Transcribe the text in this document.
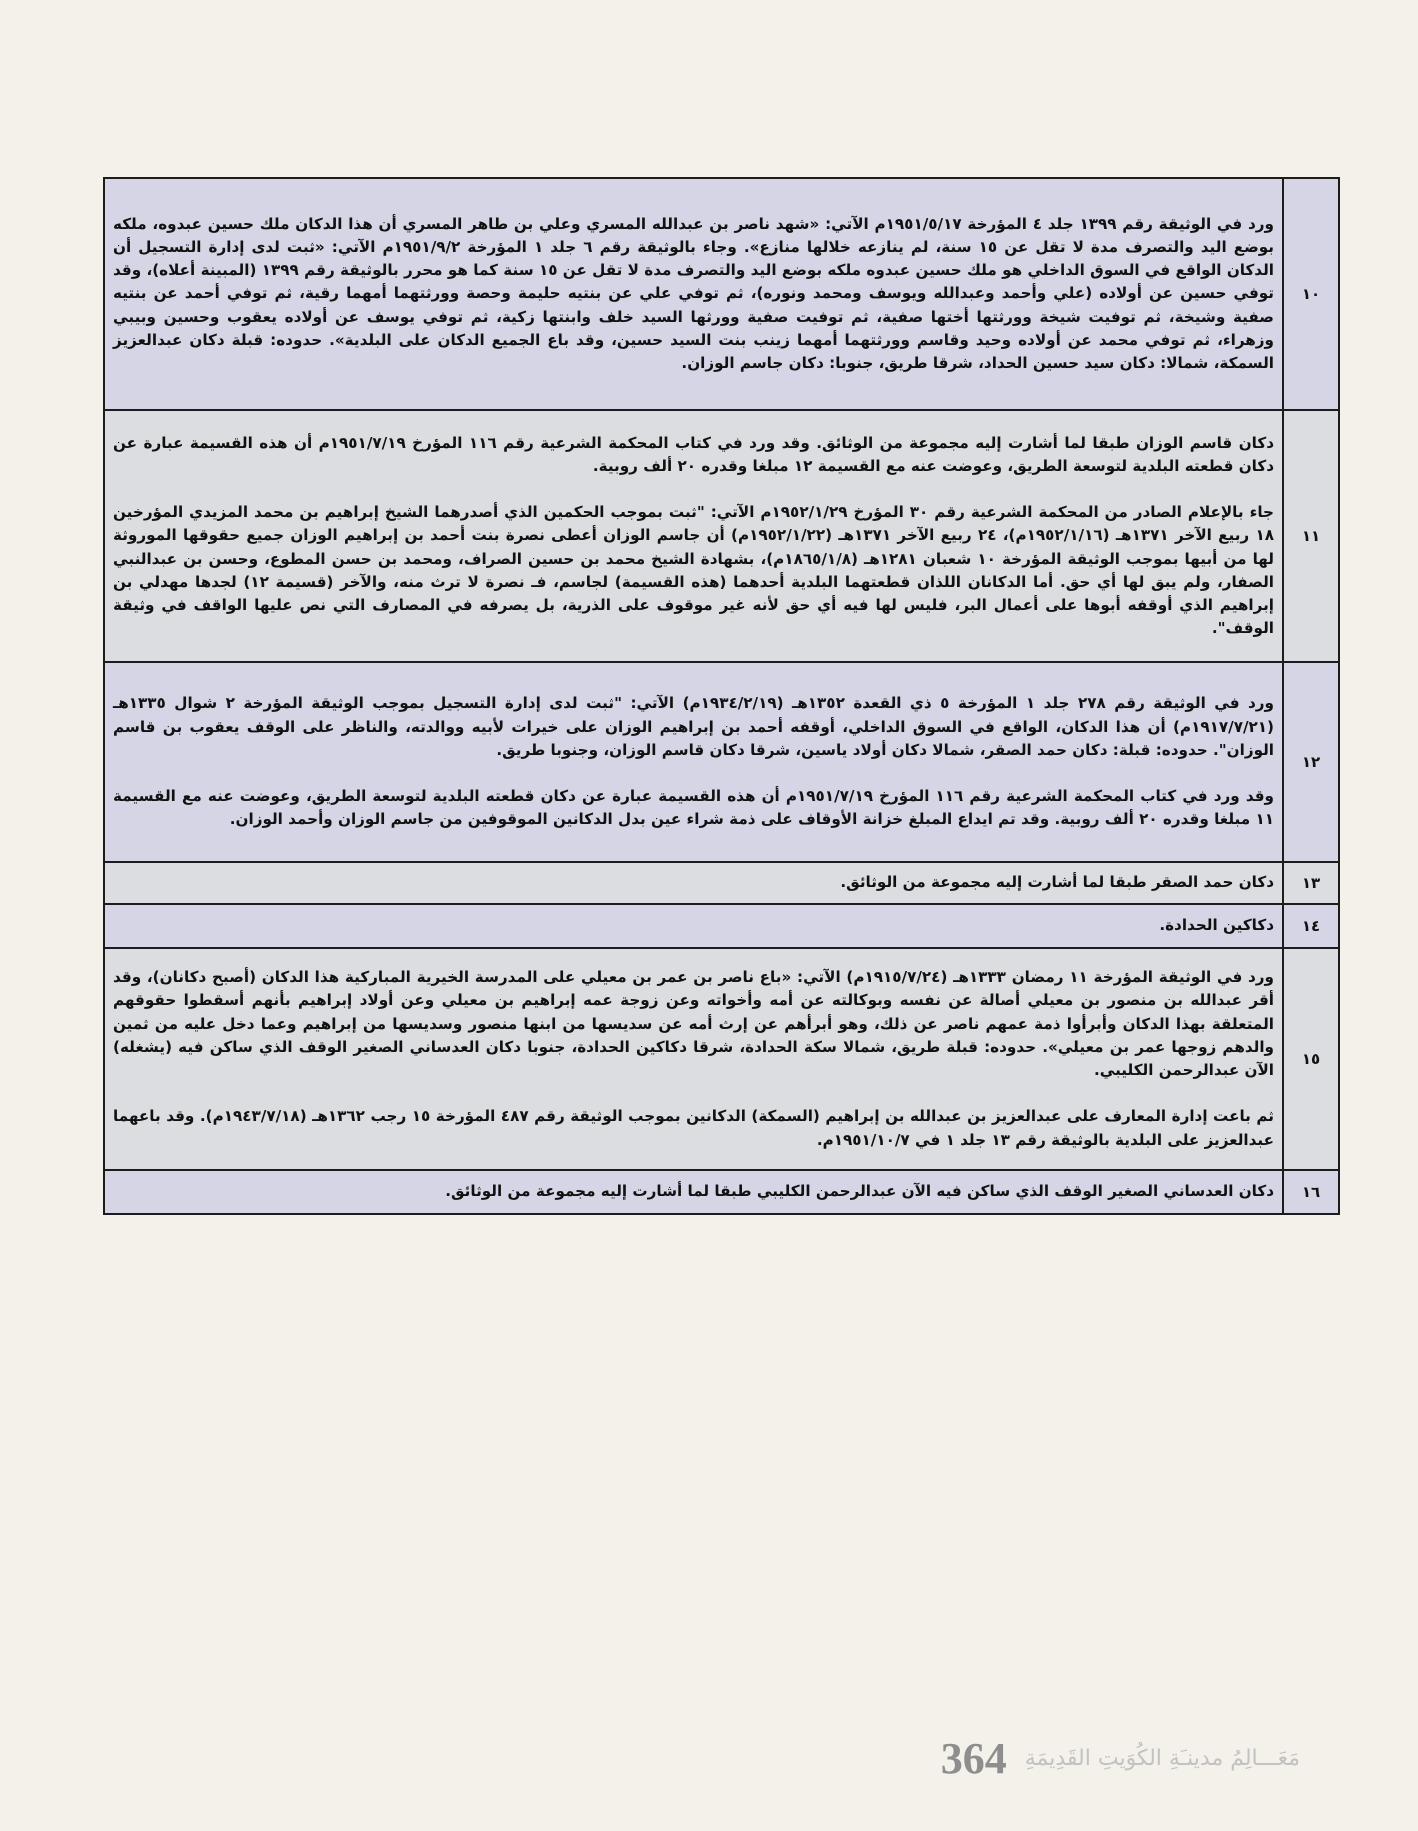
١٠	ورد في الوثيقة رقم ١٣٩٩ جلد ٤ المؤرخة ١٩٥١/٥/١٧م الآتي: «شهد ناصر بن عبدالله المسري وعلي بن طاهر المسري أن هذا الدكان ملك حسين عبدوه، ملكه بوضع اليد والتصرف مدة لا تقل عن ١٥ سنة، لم ينازعه خلالها منازع». وجاء بالوثيقة رقم ٦ جلد ١ المؤرخة ١٩٥١/٩/٢م الآتي: «ثبت لدى إدارة التسجيل أن الدكان الواقع في السوق الداخلي هو ملك حسين عبدوه ملكه بوضع اليد والتصرف مدة لا تقل عن ١٥ سنة كما هو محرر بالوثيقة رقم ١٣٩٩ (المبينة أعلاه)، وقد توفي حسين عن أولاده (علي وأحمد وعبدالله ويوسف ومحمد ونوره)، ثم توفي علي عن بنتيه حليمة وحصة وورثتهما أمهما رقية، ثم توفي أحمد عن بنتيه صفية وشيخة، ثم توفيت شيخة وورثتها أختها صفية، ثم توفيت صفية وورثها السيد خلف وابنتها زكية، ثم توفي يوسف عن أولاده يعقوب وحسين وبيبي وزهراء، ثم توفي محمد عن أولاده وحيد وقاسم وورثتهما أمهما زينب بنت السيد حسين، وقد باع الجميع الدكان على البلدية». حدوده: قبلة دكان عبدالعزيز السمكة، شمالا: دكان سيد حسين الحداد، شرقا طريق، جنوبا: دكان جاسم الوزان.

١١	دكان قاسم الوزان طبقا لما أشارت إليه مجموعة من الوثائق. وقد ورد في كتاب المحكمة الشرعية رقم ١١٦ المؤرخ ١٩٥١/٧/١٩م أن هذه القسيمة عبارة عن دكان قطعته البلدية لتوسعة الطريق، وعوضت عنه مع القسيمة ١٢ مبلغا وقدره ٢٠ ألف روبية.

جاء بالإعلام الصادر من المحكمة الشرعية رقم ٣٠ المؤرخ ١٩٥٢/١/٢٩م الآتي: "ثبت بموجب الحكمين الذي أصدرهما الشيخ إبراهيم بن محمد المزيدي المؤرخين ١٨ ربيع الآخر ١٣٧١هـ (١٩٥٢/١/١٦م)، ٢٤ ربيع الآخر ١٣٧١هـ (١٩٥٢/١/٢٢م) أن جاسم الوزان أعطى نصرة بنت أحمد بن إبراهيم الوزان جميع حقوقها الموروثة لها من أبيها بموجب الوثيقة المؤرخة ١٠ شعبان ١٢٨١هـ (١٨٦٥/١/٨م)، بشهادة الشيخ محمد بن حسين الصراف، ومحمد بن حسن المطوع، وحسن بن عبدالنبي الصفار، ولم يبق لها أي حق. أما الدكانان اللذان قطعتهما البلدية أحدهما (هذه القسيمة) لجاسم، فـ نصرة لا ترث منه، والآخر (قسيمة ١٢) لجدها مهدلي بن إبراهيم الذي أوقفه أبوها على أعمال البر، فليس لها فيه أي حق لأنه غير موقوف على الذرية، بل يصرفه في المصارف التي نص عليها الواقف في وثيقة الوقف".

١٢	ورد في الوثيقة رقم ٢٧٨ جلد ١ المؤرخة ٥ ذي القعدة ١٣٥٢هـ (١٩٣٤/٢/١٩م) الآتي: "ثبت لدى إدارة التسجيل بموجب الوثيقة المؤرخة ٢ شوال ١٣٣٥هـ (١٩١٧/٧/٢١م) أن هذا الدكان، الواقع في السوق الداخلي، أوقفه أحمد بن إبراهيم الوزان على خيرات لأبيه ووالدته، والناظر على الوقف يعقوب بن قاسم الوزان". حدوده: قبلة: دكان حمد الصقر، شمالا دكان أولاد ياسين، شرقا دكان قاسم الوزان، وجنوبا طريق.

وقد ورد في كتاب المحكمة الشرعية رقم ١١٦ المؤرخ ١٩٥١/٧/١٩م أن هذه القسيمة عبارة عن دكان قطعته البلدية لتوسعة الطريق، وعوضت عنه مع القسيمة ١١ مبلغا وقدره ٢٠ ألف روبية. وقد تم ايداع المبلغ خزانة الأوقاف على ذمة شراء عين بدل الدكانين الموقوفين من جاسم الوزان وأحمد الوزان.

١٣	دكان حمد الصقر طبقا لما أشارت إليه مجموعة من الوثائق.

١٤	دكاكين الحدادة.

١٥	ورد في الوثيقة المؤرخة ١١ رمضان ١٣٣٣هـ (١٩١٥/٧/٢٤م) الآتي: «باع ناصر بن عمر بن معيلي على المدرسة الخيرية المباركية هذا الدكان (أصبح دكانان)، وقد أقر عبدالله بن منصور بن معيلي أصالة عن نفسه وبوكالته عن أمه وأخواته وعن زوجة عمه إبراهيم بن معيلي وعن أولاد إبراهيم بأنهم أسقطوا حقوقهم المتعلقة بهذا الدكان وأبرأوا ذمة عمهم ناصر عن ذلك، وهو أبرأهم عن إرث أمه عن سديسها من ابنها منصور وسديسها من إبراهيم وعما دخل عليه من ثمين والدهم زوجها عمر بن معيلي». حدوده: قبلة طريق، شمالا سكة الحدادة، شرقا دكاكين الحدادة، جنوبا دكان العدساني الصغير الوقف الذي ساكن فيه (يشغله) الآن عبدالرحمن الكليبي.

ثم باعت إدارة المعارف على عبدالعزيز بن عبدالله بن إبراهيم (السمكة) الدكانين بموجب الوثيقة رقم ٤٨٧ المؤرخة ١٥ رجب ١٣٦٢هـ (١٩٤٣/٧/١٨م). وقد باعهما عبدالعزيز على البلدية بالوثيقة رقم ١٣ جلد ١ في ١٩٥١/١٠/٧م.

١٦	دكان العدساني الصغير الوقف الذي ساكن فيه الآن عبدالرحمن الكليبي طبقا لما أشارت إليه مجموعة من الوثائق.

مَعَـــالِمُ مدينـَةِ الكُوَيتِ القَدِيمَةِ
364
